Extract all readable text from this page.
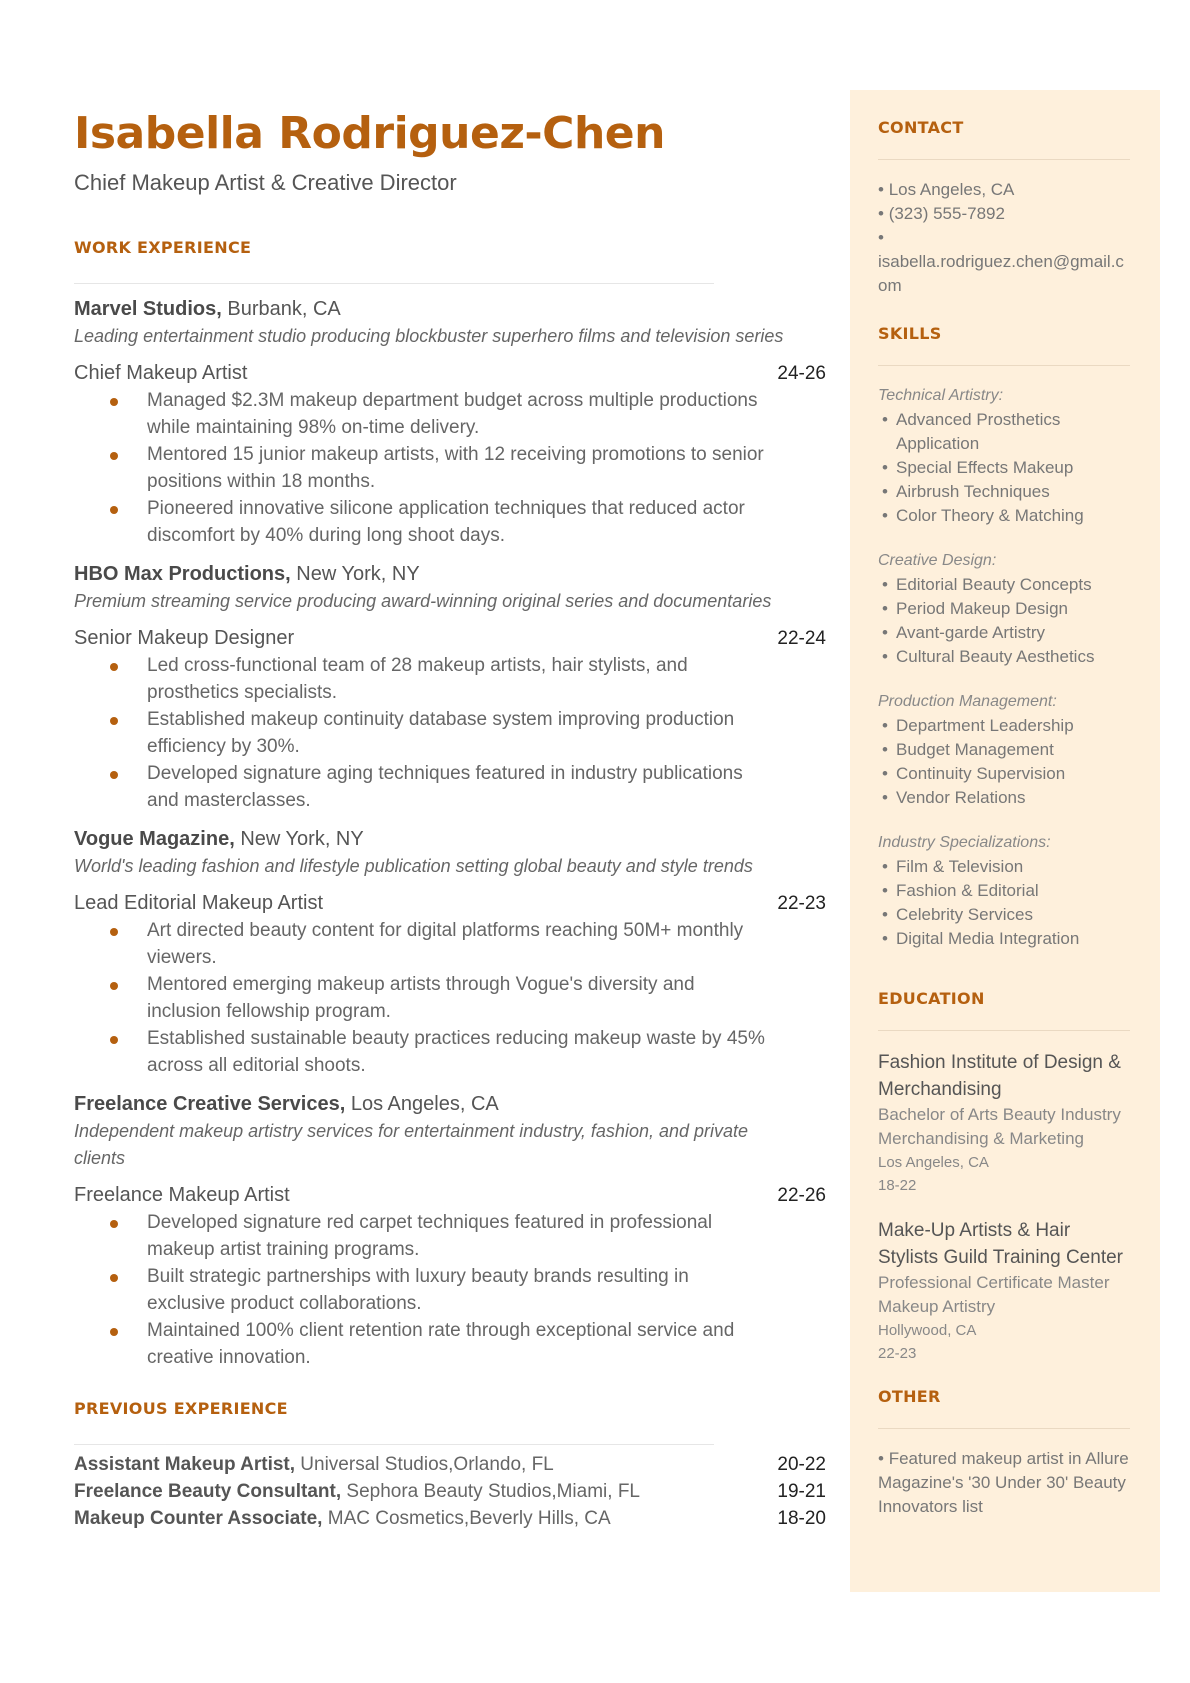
Isabella Rodriguez-Chen
Chief Makeup Artist & Creative Director
WORK EXPERIENCE
Marvel Studios, Burbank, CA
Leading entertainment studio producing blockbuster superhero films and television series
Chief Makeup Artist	24-26
Managed $2.3M makeup department budget across multiple productions while maintaining 98% on-time delivery.
Mentored 15 junior makeup artists, with 12 receiving promotions to senior positions within 18 months.
Pioneered innovative silicone application techniques that reduced actor discomfort by 40% during long shoot days.
HBO Max Productions, New York, NY
Premium streaming service producing award-winning original series and documentaries
Senior Makeup Designer	22-24
Led cross-functional team of 28 makeup artists, hair stylists, and prosthetics specialists.
Established makeup continuity database system improving production efficiency by 30%.
Developed signature aging techniques featured in industry publications and masterclasses.
Vogue Magazine, New York, NY
World's leading fashion and lifestyle publication setting global beauty and style trends
Lead Editorial Makeup Artist	22-23
Art directed beauty content for digital platforms reaching 50M+ monthly viewers.
Mentored emerging makeup artists through Vogue's diversity and inclusion fellowship program.
Established sustainable beauty practices reducing makeup waste by 45% across all editorial shoots.
Freelance Creative Services, Los Angeles, CA
Independent makeup artistry services for entertainment industry, fashion, and private clients
Freelance Makeup Artist	22-26
Developed signature red carpet techniques featured in professional makeup artist training programs.
Built strategic partnerships with luxury beauty brands resulting in exclusive product collaborations.
Maintained 100% client retention rate through exceptional service and creative innovation.
PREVIOUS EXPERIENCE
Assistant Makeup Artist, Universal Studios,Orlando, FL	20-22
Freelance Beauty Consultant, Sephora Beauty Studios,Miami, FL	19-21
Makeup Counter Associate, MAC Cosmetics,Beverly Hills, CA	18-20
CONTACT
• Los Angeles, CA
• (323) 555-7892
•
isabella.rodriguez.chen@gmail.com
SKILLS
Technical Artistry:
• Advanced Prosthetics Application
• Special Effects Makeup
• Airbrush Techniques
• Color Theory & Matching
Creative Design:
• Editorial Beauty Concepts
• Period Makeup Design
• Avant-garde Artistry
• Cultural Beauty Aesthetics
Production Management:
• Department Leadership
• Budget Management
• Continuity Supervision
• Vendor Relations
Industry Specializations:
• Film & Television
• Fashion & Editorial
• Celebrity Services
• Digital Media Integration
EDUCATION
Fashion Institute of Design & Merchandising
Bachelor of Arts Beauty Industry Merchandising & Marketing
Los Angeles, CA
18-22
Make-Up Artists & Hair Stylists Guild Training Center
Professional Certificate Master Makeup Artistry
Hollywood, CA
22-23
OTHER
• Featured makeup artist in Allure Magazine's '30 Under 30' Beauty Innovators list
